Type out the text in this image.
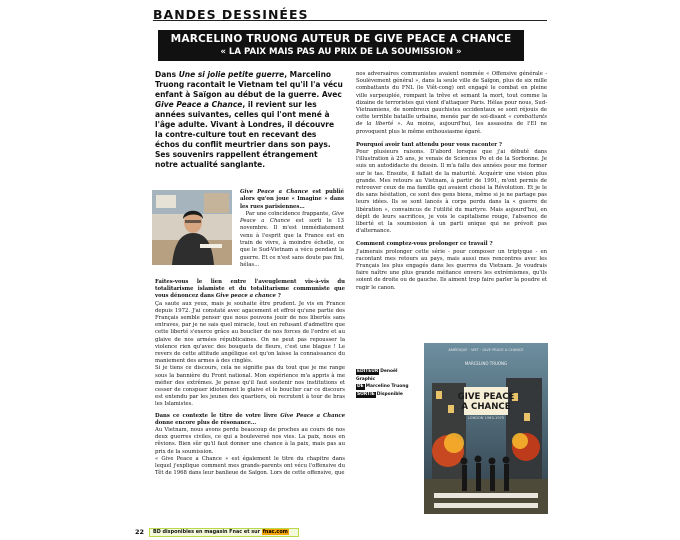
BANDES DESSINÉES
MARCELINO TRUONG AUTEUR DE GIVE PEACE A CHANCE
« LA PAIX MAIS PAS AU PRIX DE LA SOUMISSION »
Dans Une si jolie petite guerre, Marcelino Truong racontait le Vietnam tel qu'il l'a vécu enfant à Saïgon au début de la guerre. Avec Give Peace a Chance, il revient sur les années suivantes, celles qui l'ont mené à l'âge adulte. Vivant à Londres, il découvre la contre-culture tout en recevant des échos du conflit meurtrier dans son pays. Ses souvenirs rappellent étrangement notre actualité sanglante.
Give Peace a Chance est publié alors qu'on joue « Imagine » dans les rues parisiennes…
Par une coïncidence frappante, Give Peace a Chance est sorti le 13 novembre. Il m'est immédiatement venu à l'esprit que la France est en train de vivre, à moindre échelle, ce que le Sud-Vietnam a vécu pendant la guerre. Et ce n'est sans doute pas fini, hélas…

Faites-vous le lien entre l'aveuglement vis-à-vis du totalitarisme islamiste et du totalitarisme communiste que vous dénoncez dans Give peace a chance ?

Ça saute aux yeux, mais je souhaite être prudent. Je vis en France depuis 1972. J'ai constaté avec agacement et effroi qu'une partie des Français semble penser que nous pouvons jouir de nos libertés sans entraves, par je ne sais quel miracle, tout en refusant d'admettre que cette liberté s'exerce grâce au bouclier de nos forces de l'ordre et au glaive de nos armées républicaines. On ne peut pas repousser la violence rien qu'avec des bouquets de fleurs, c'est une blague ! Le revers de cette attitude angélique est qu'on laisse la connaissance du maniement des armes à des cinglés.

Si je tiens ce discours, cela ne signifie pas du tout que je me range sous la bannière du Front national. Mon expérience m'a appris à me méfier des extrêmes. Je pense qu'il faut soutenir nos institutions et cesser de conspuer idiotement le glaive et le bouclier car ce discours est entendu par les jeunes des quartiers, où recrutent à tour de bras les Islamistes.

Dans ce contexte le titre de votre livre Give Peace a Chance donne encore plus de résonance…

Au Vietnam, nous avons perdu beaucoup de proches au cours de nos deux guerres civiles, ce qui a bouleversé nos vies. La paix, nous en rêvions. Bien sûr qu'il faut donner une chance à la paix, mais pas au prix de la soumission.

« Give Peace a Chance » est également le titre du chapitre dans lequel j'explique comment mes grands-parents ont vécu l'offensive du Têt de 1968 dans leur banlieue de Saïgon. Lors de cette offensive, que

nos adversaires communistes avaient nommée « Offensive générale - Soulèvement général », dans la seule ville de Saïgon, plus de six mille combattants du FNL (le Viêt-cong) ont engagé le combat en pleine ville surpeuplée, rompant la trêve et semant la mort, tout comme la dizaine de terroristes qui vient d'attaquer Paris. Hélas pour nous, Sud-Vietnamiens, de nombreux gauchistes occidentaux se sont réjouis de cette terrible bataille urbaine, menée par de soi-disant « combattants de la liberté ». Au moins, aujourd'hui, les assassins de l'EI ne provoquent plus le même enthousiasme égaré.

Pourquoi avoir tant attendu pour vous raconter ?

Pour plusieurs raisons. D'abord lorsque que j'ai débuté dans l'illustration à 25 ans, je venais de Sciences Po et de la Sorbonne. Je suis un autodidacte du dessin. Il m'a fallu des années pour me former sur le tas. Ensuite, il fallait de la maturité. Acquérir une vision plus grande. Mes retours au Vietnam, à partir de 1991, m'ont permis de retrouver ceux de ma famille qui avaient choisi la Révolution. Et je le dis sans hésitation, ce sont des gens biens, même si je ne partage pas leurs idées. Ils se sont lancés à corps perdu dans la « guerre de libération », convaincus de l'utilité du martyre. Mais aujourd'hui, en dépit de leurs sacrifices, je vois le capitalisme rouge, l'absence de liberté et la soumission à un parti unique qui ne prévoit pas d'alternance.

Comment comptez-vous prolonger ce travail ?

J'aimerais prolonger cette série - pour composer un triptyque - en racontant mes retours au pays, mais aussi mes rencontres avec les Français les plus engagés dans les guerres du Vietnam. Je voudrais faire naître une plus grande méfiance envers les extrémismes, qu'ils soient de droite ou de gauche. Ils aiment trop faire parler la poudre et rugir le canon.

ÉDITEUR Denoël Graphic
DE Marcelino Truong
SORTIE Disponible
AMÉRIQUE · VIET · GIVE PEACE A CHANCE
MARCELINO TRUONG
GIVE PEACE
A CHANCE
LONDON 1963-1975
22	BD disponibles en magasin Fnac et sur fnac.com
